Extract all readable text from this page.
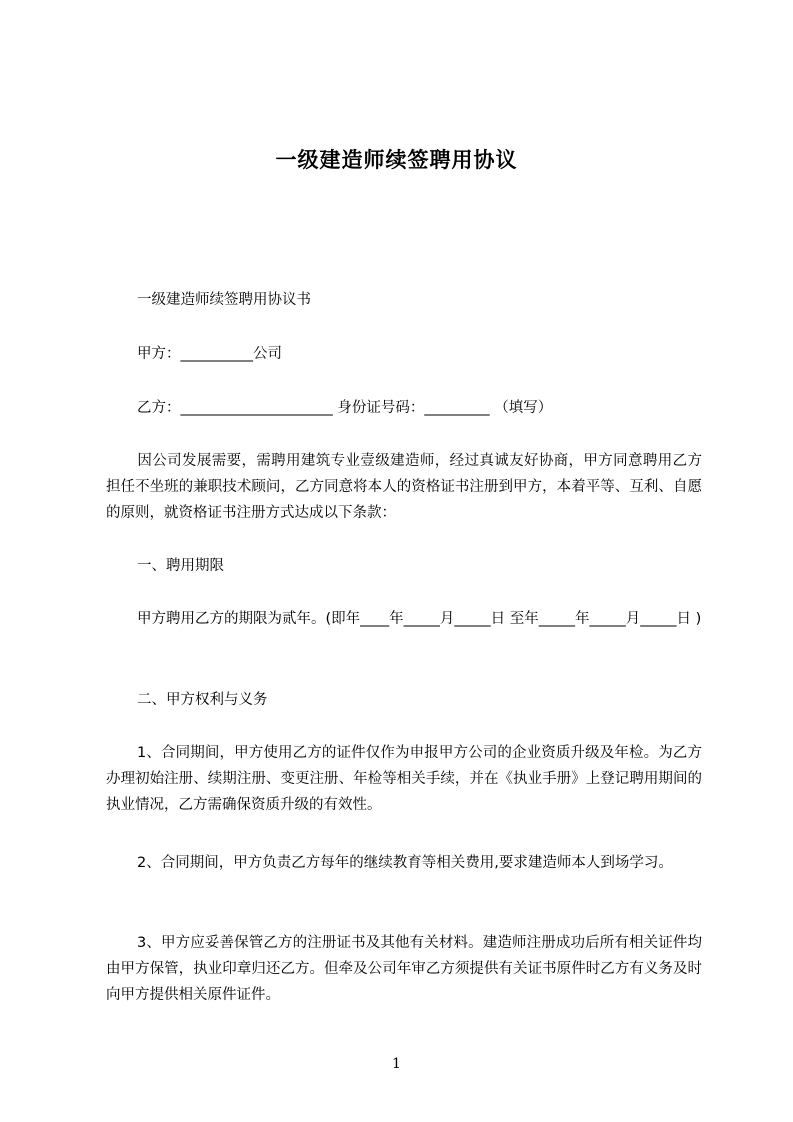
一级建造师续签聘用协议
一级建造师续签聘用协议书
甲方：__________公司
乙方：_____________________ 身份证号码：_________ （填写）
因公司发展需要，需聘用建筑专业壹级建造师，经过真诚友好协商，甲方同意聘用乙方担任不坐班的兼职技术顾问，乙方同意将本人的资格证书注册到甲方，本着平等、互利、自愿的原则，就资格证书注册方式达成以下条款：
一、聘用期限
甲方聘用乙方的期限为贰年。(即年____年_____月_____日 至年_____年_____月_____日 )
二、甲方权利与义务
1、合同期间，甲方使用乙方的证件仅作为申报甲方公司的企业资质升级及年检。为乙方办理初始注册、续期注册、变更注册、年检等相关手续，并在《执业手册》上登记聘用期间的执业情况，乙方需确保资质升级的有效性。
2、合同期间，甲方负责乙方每年的继续教育等相关费用,要求建造师本人到场学习。
3、甲方应妥善保管乙方的注册证书及其他有关材料。建造师注册成功后所有相关证件均由甲方保管，执业印章归还乙方。但牵及公司年审乙方须提供有关证书原件时乙方有义务及时向甲方提供相关原件证件。
1
